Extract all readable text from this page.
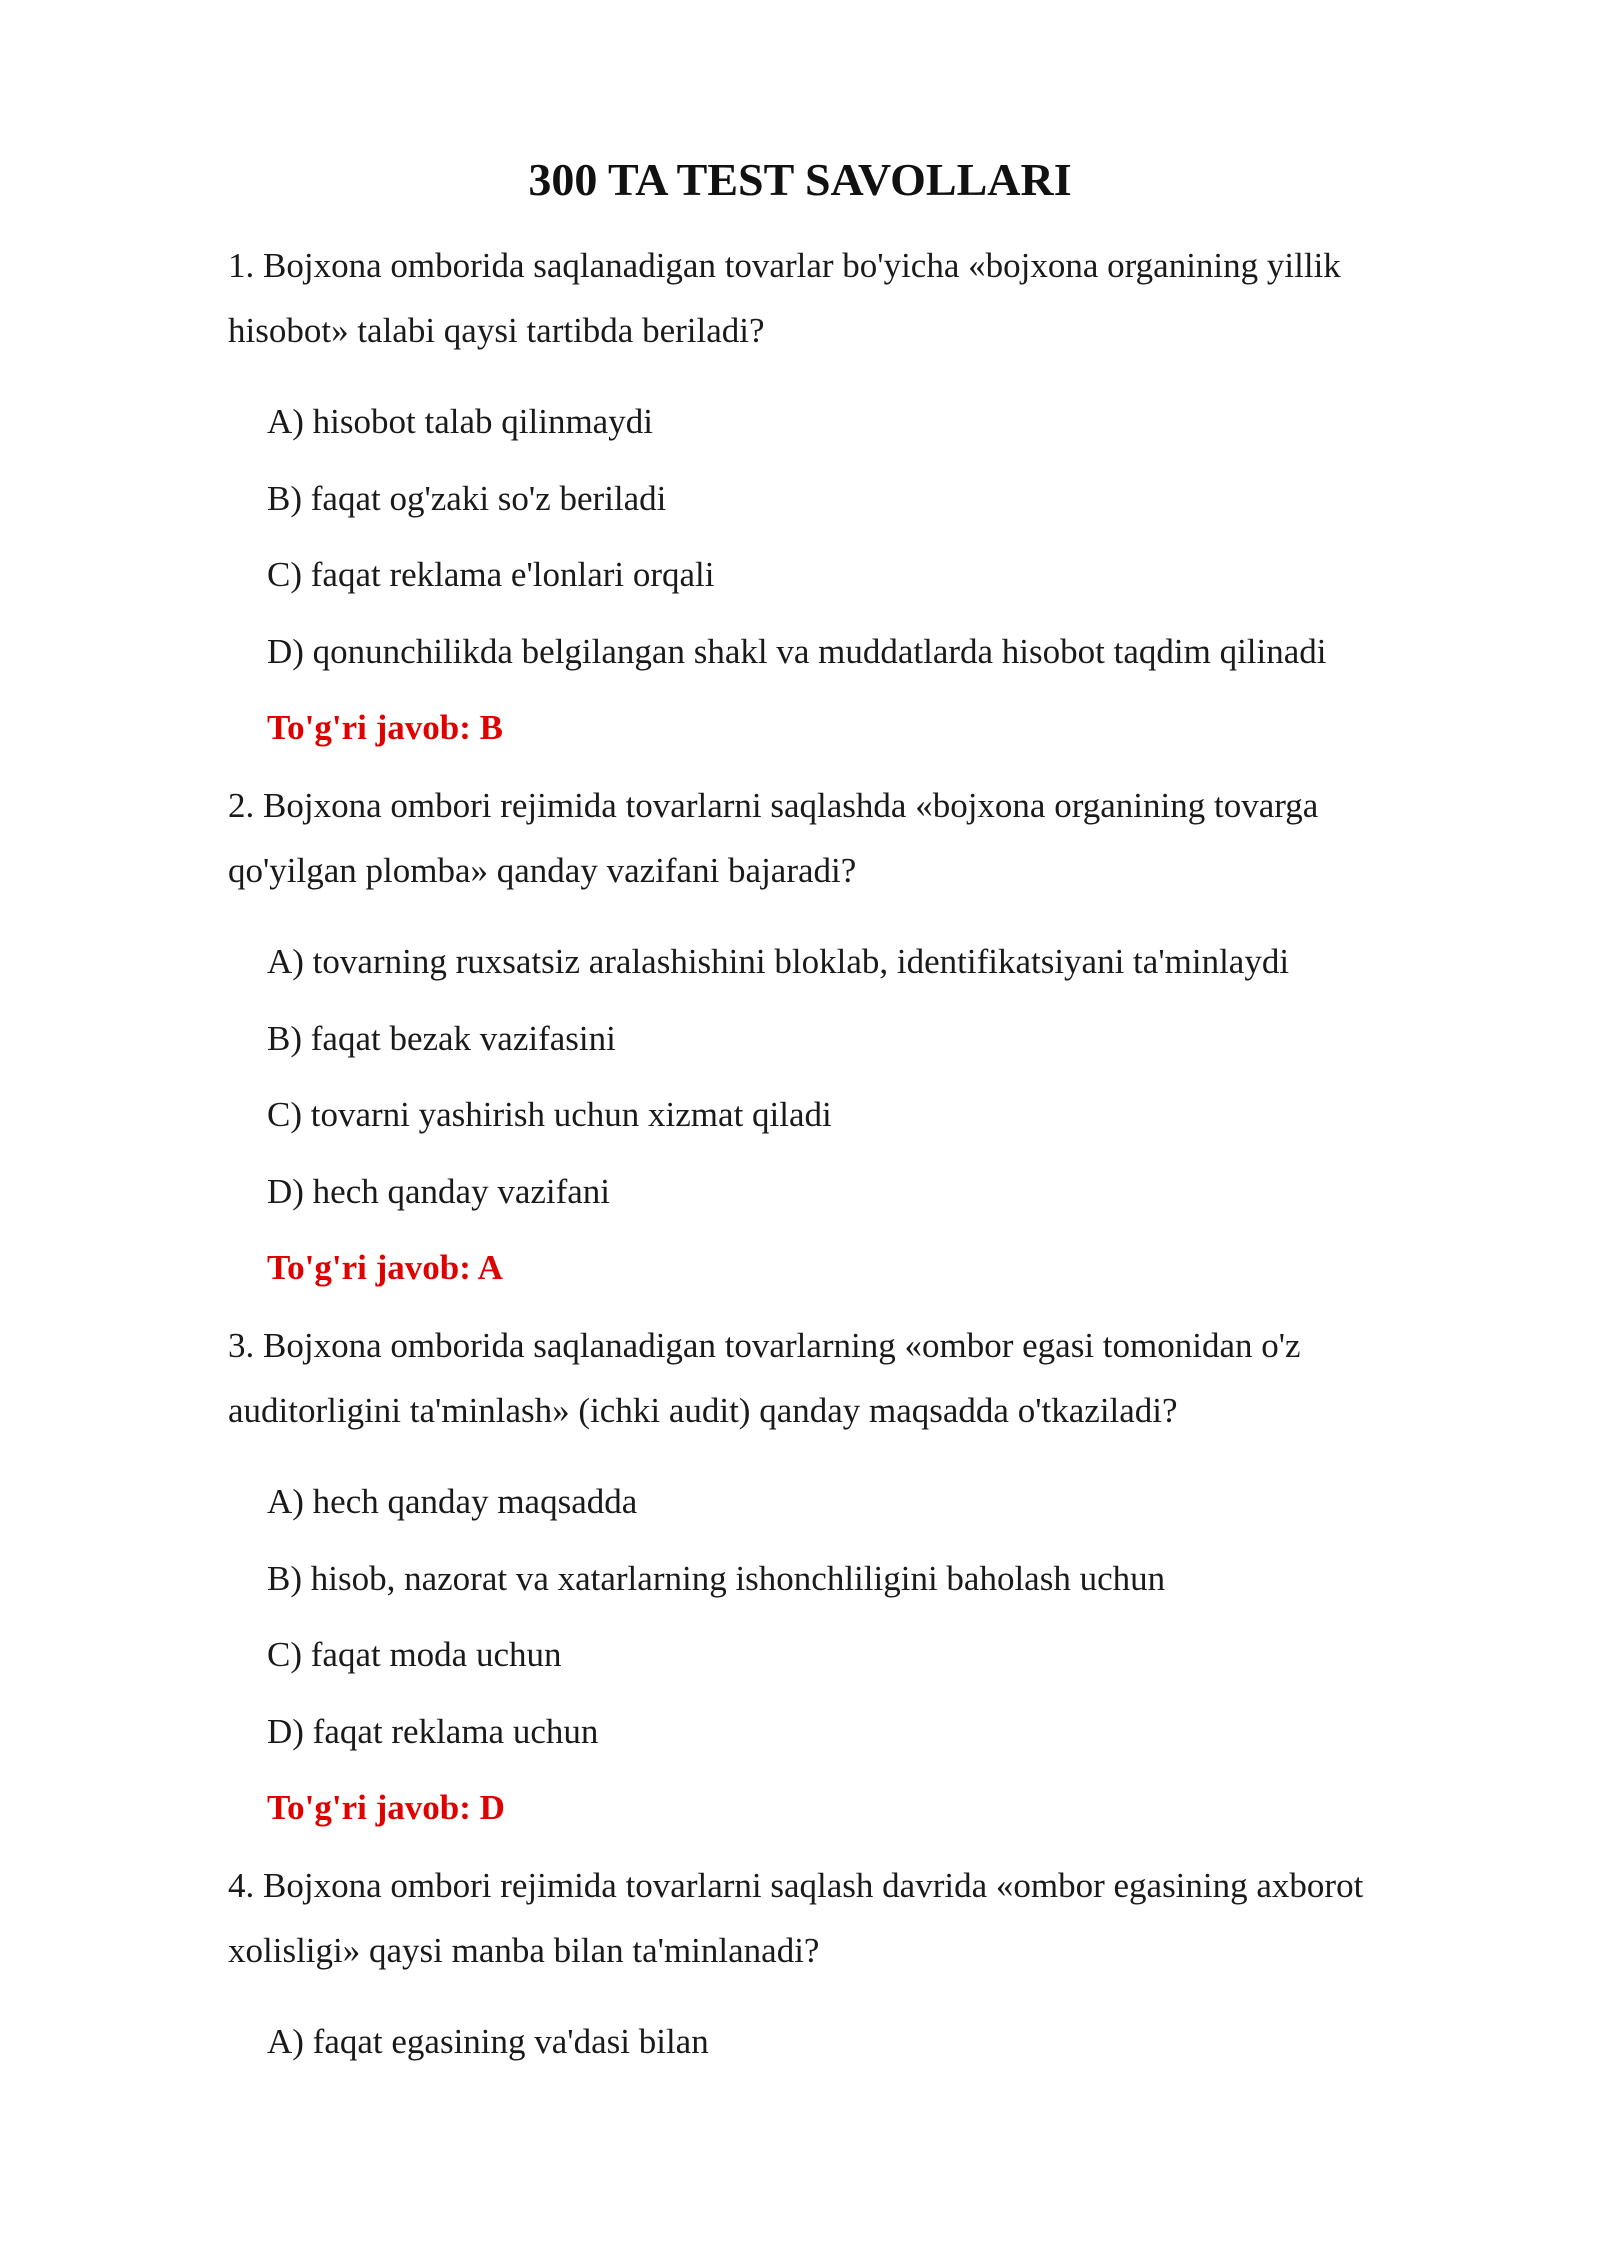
300 TA TEST SAVOLLARI

1. Bojxona omborida saqlanadigan tovarlar bo'yicha «bojxona organining yillik
hisobot» talabi qaysi tartibda beriladi?

A) hisobot talab qilinmaydi

B) faqat og'zaki so'z beriladi

C) faqat reklama e'lonlari orqali

D) qonunchilikda belgilangan shakl va muddatlarda hisobot taqdim qilinadi

To'g'ri javob: B

2. Bojxona ombori rejimida tovarlarni saqlashda «bojxona organining tovarga
qo'yilgan plomba» qanday vazifani bajaradi?

A) tovarning ruxsatsiz aralashishini bloklab, identifikatsiyani ta'minlaydi

B) faqat bezak vazifasini

C) tovarni yashirish uchun xizmat qiladi

D) hech qanday vazifani

To'g'ri javob: A

3. Bojxona omborida saqlanadigan tovarlarning «ombor egasi tomonidan o'z
auditorligini ta'minlash» (ichki audit) qanday maqsadda o'tkaziladi?

A) hech qanday maqsadda

B) hisob, nazorat va xatarlarning ishonchliligini baholash uchun

C) faqat moda uchun

D) faqat reklama uchun

To'g'ri javob: D

4. Bojxona ombori rejimida tovarlarni saqlash davrida «ombor egasining axborot
xolisligi» qaysi manba bilan ta'minlanadi?

A) faqat egasining va'dasi bilan
